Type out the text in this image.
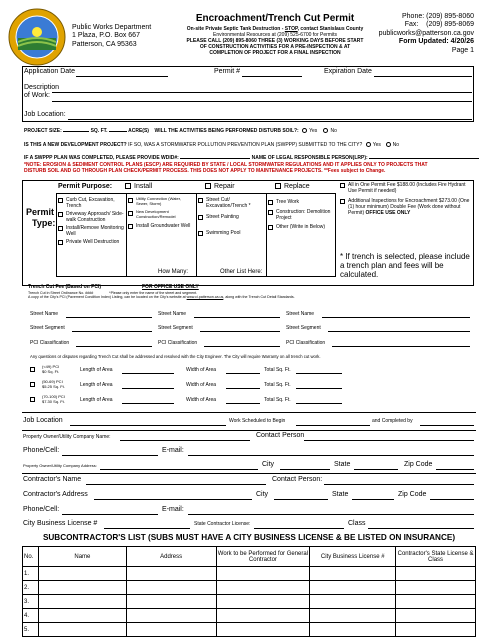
Public Works Department
1 Plaza, P.O. Box 667
Patterson, CA 95363
Encroachment/Trench Cut Permit
On-site Private Septic Tank Destruction - STOP, contact Stanislaus County
Environmental Resources at (209) 525-6700 for Permits
PLEASE CALL (209) 895-8060 THREE (3) WORKING DAYS BEFORE START
OF CONSTRUCTION ACTIVITIES FOR A PRE-INSPECTION & AT
COMPLETION OF PROJECT FOR A FINAL INSPECTION
Phone: (209) 895-8060
Fax:    (209) 895-8069
publicworks@patterson.ca.gov
Form Updated: 4/20/26
Page 1
Application Date	Permit #	Expiration Date
Description of Work:
Job Location:
PROJECT SIZE:	SQ. FT.	ACRE(S) WILL THE ACTIVITIES BEING PERFORMED DISTURB SOIL?: Yes	No
IS THIS A NEW DEVELOPMENT PROJECT? IF SO, WAS A STORMWATER POLLUTION PREVENTION PLAN (SWPPP) SUBMITTED TO THE CITY? Yes No
IF A SWPPP PLAN WAS COMPLETED, PLEASE PROVIDE WDID#:	NAME OF LEGAL RESPONSIBLE PERSON(LRP):
*NOTE: EROSION & SEDIMENT CONTROL PLANS (ESCP) ARE REQUIRED BY STATE / LOCAL STORMWATER REGULATIONS AND IT APPLIES ONLY TO PROJECTS THAT
DISTURB SOIL AND GO THROUGH PLAN CHECK/PERMIT PROCESS. THIS DOES NOT APPLY TO MAINTENANCE PROJECTS. **Fees subject to Change.
Permit Purpose:	Install	Repair	Replace
Permit
Type:
Curb Cut, Excavation, Trench
Driveway Approach/ Side-walk Construction
Install/Remove Monitoring Well
Private Well Destruction
Utility Connection (Water, Sewer, Storm)
New Development Construction/Remodel
Install Groundwater Well
Street Cut/ Excavation/Trench *
Street Painting
Swimming Pool
Tree Work
Construction: Demolition Project
Other (Write in Below)
How Many:	Other List Here:
All in One Permit Fee $188.00 (Includes Fire Hydrant Use Permit if needed)
Additional Inspections for Encroachment $273.00 (One (1) hour minimum) Double Fee (Work done without Permit) OFFICE USE ONLY
* If trench is selected, please include a trench plan and fees will be calculated.
Trench Cut Fee (Based on PCI)	FOR OFFICE USE ONLY
Trench Cut in Street Ordinance No. ####	*Please only enter the name of the street and segment.
A copy of the City's PCI (Pavement Condition Index) Listing, can be located on the City's website at www.ci.patterson.ca.us, along with the Trench Cut Detail Standards.
Street Name	Street Name	Street Name
Street Segment	Street Segment	Street Segment
PCI Classification	PCI Classification	PCI Classification
Any questions or disputes regarding Trench Cut shall be addressed and resolved with the City Engineer. The City will require Warranty on all trench cut work.
(<49) PCI
$0 Sq. Ft.	Length of Area	Width of Area	Total Sq. Ft.
(50-69) PCI
$5.25 Sq. Ft.	Length of Area	Width of Area	Total Sq. Ft.
(70-100) PCI
$7.30 Sq. Ft.	Length of Area	Width of Area	Total Sq. Ft.
Job Location	Work Scheduled to Begin	and Completed by
Property Owner/Utility Company Name:	Contact Person
Phone/Cell:	E-mail:
Property Owner/Utility Company Address:	City	State	Zip Code
Contractor's Name	Contact Person:
Contractor's Address	City	State	Zip Code
Phone/Cell:	E-mail:
City Business License #	State Contractor License:	Class
SUBCONTRACTOR'S LIST (SUBS MUST HAVE A CITY BUSINESS LICENSE & BE LISTED ON INSURANCE)
No.	Name	Address	Work to be Performed for General Contractor	City Business License #	Contractor's State License & Class
1.					
2.					
3.					
4.					
5.					
